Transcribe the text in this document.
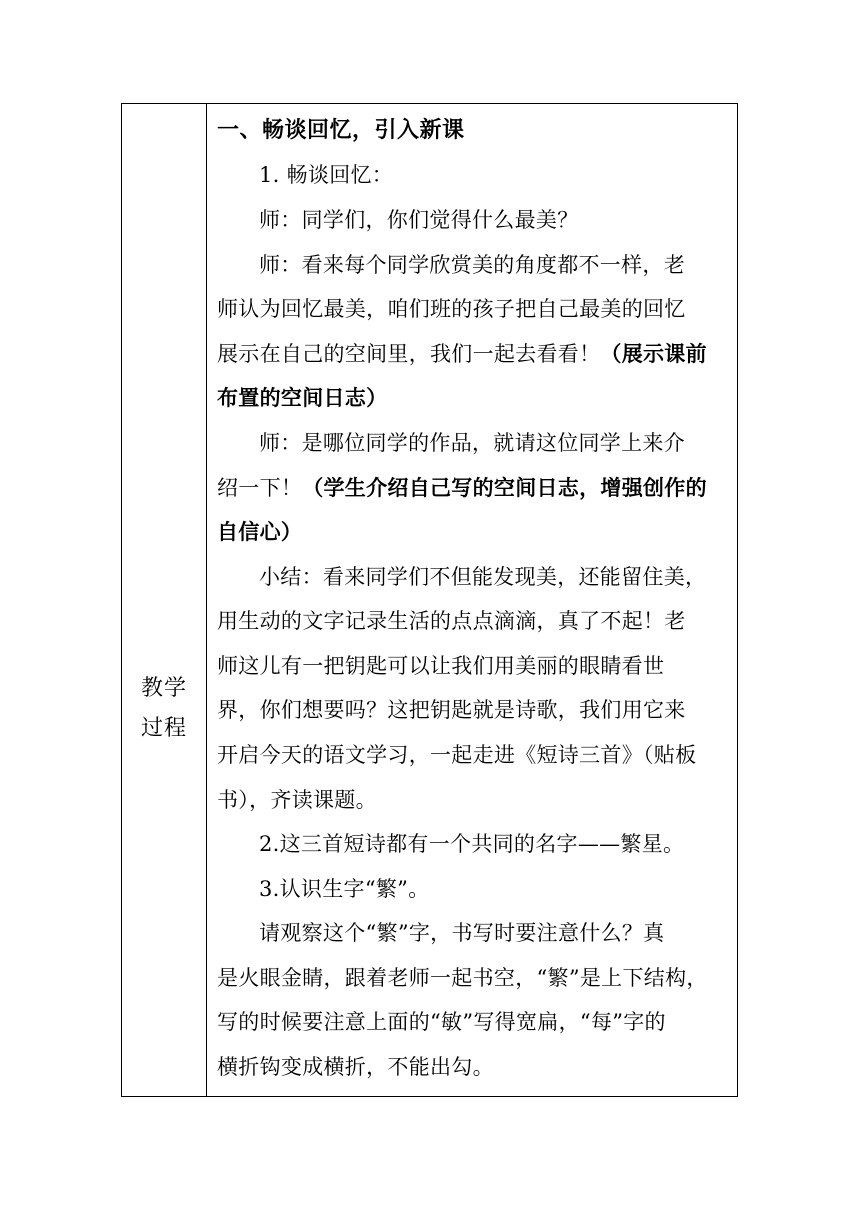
教学
过程
一、畅谈回忆，引入新课
1. 畅谈回忆：
师：同学们，你们觉得什么最美？
师：看来每个同学欣赏美的角度都不一样，老
师认为回忆最美，咱们班的孩子把自己最美的回忆
展示在自己的空间里，我们一起去看看！（展示课前
布置的空间日志）
师：是哪位同学的作品，就请这位同学上来介
绍一下！（学生介绍自己写的空间日志，增强创作的
自信心）
小结：看来同学们不但能发现美，还能留住美，
用生动的文字记录生活的点点滴滴，真了不起！老
师这儿有一把钥匙可以让我们用美丽的眼睛看世
界，你们想要吗？这把钥匙就是诗歌，我们用它来
开启今天的语文学习，一起走进《短诗三首》（贴板
书），齐读课题。
2.这三首短诗都有一个共同的名字——繁星。
3.认识生字“繁”。
请观察这个“繁”字，书写时要注意什么？真
是火眼金睛，跟着老师一起书空，“繁”是上下结构，
写的时候要注意上面的“敏”写得宽扁，“每”字的
横折钩变成横折，不能出勾。
